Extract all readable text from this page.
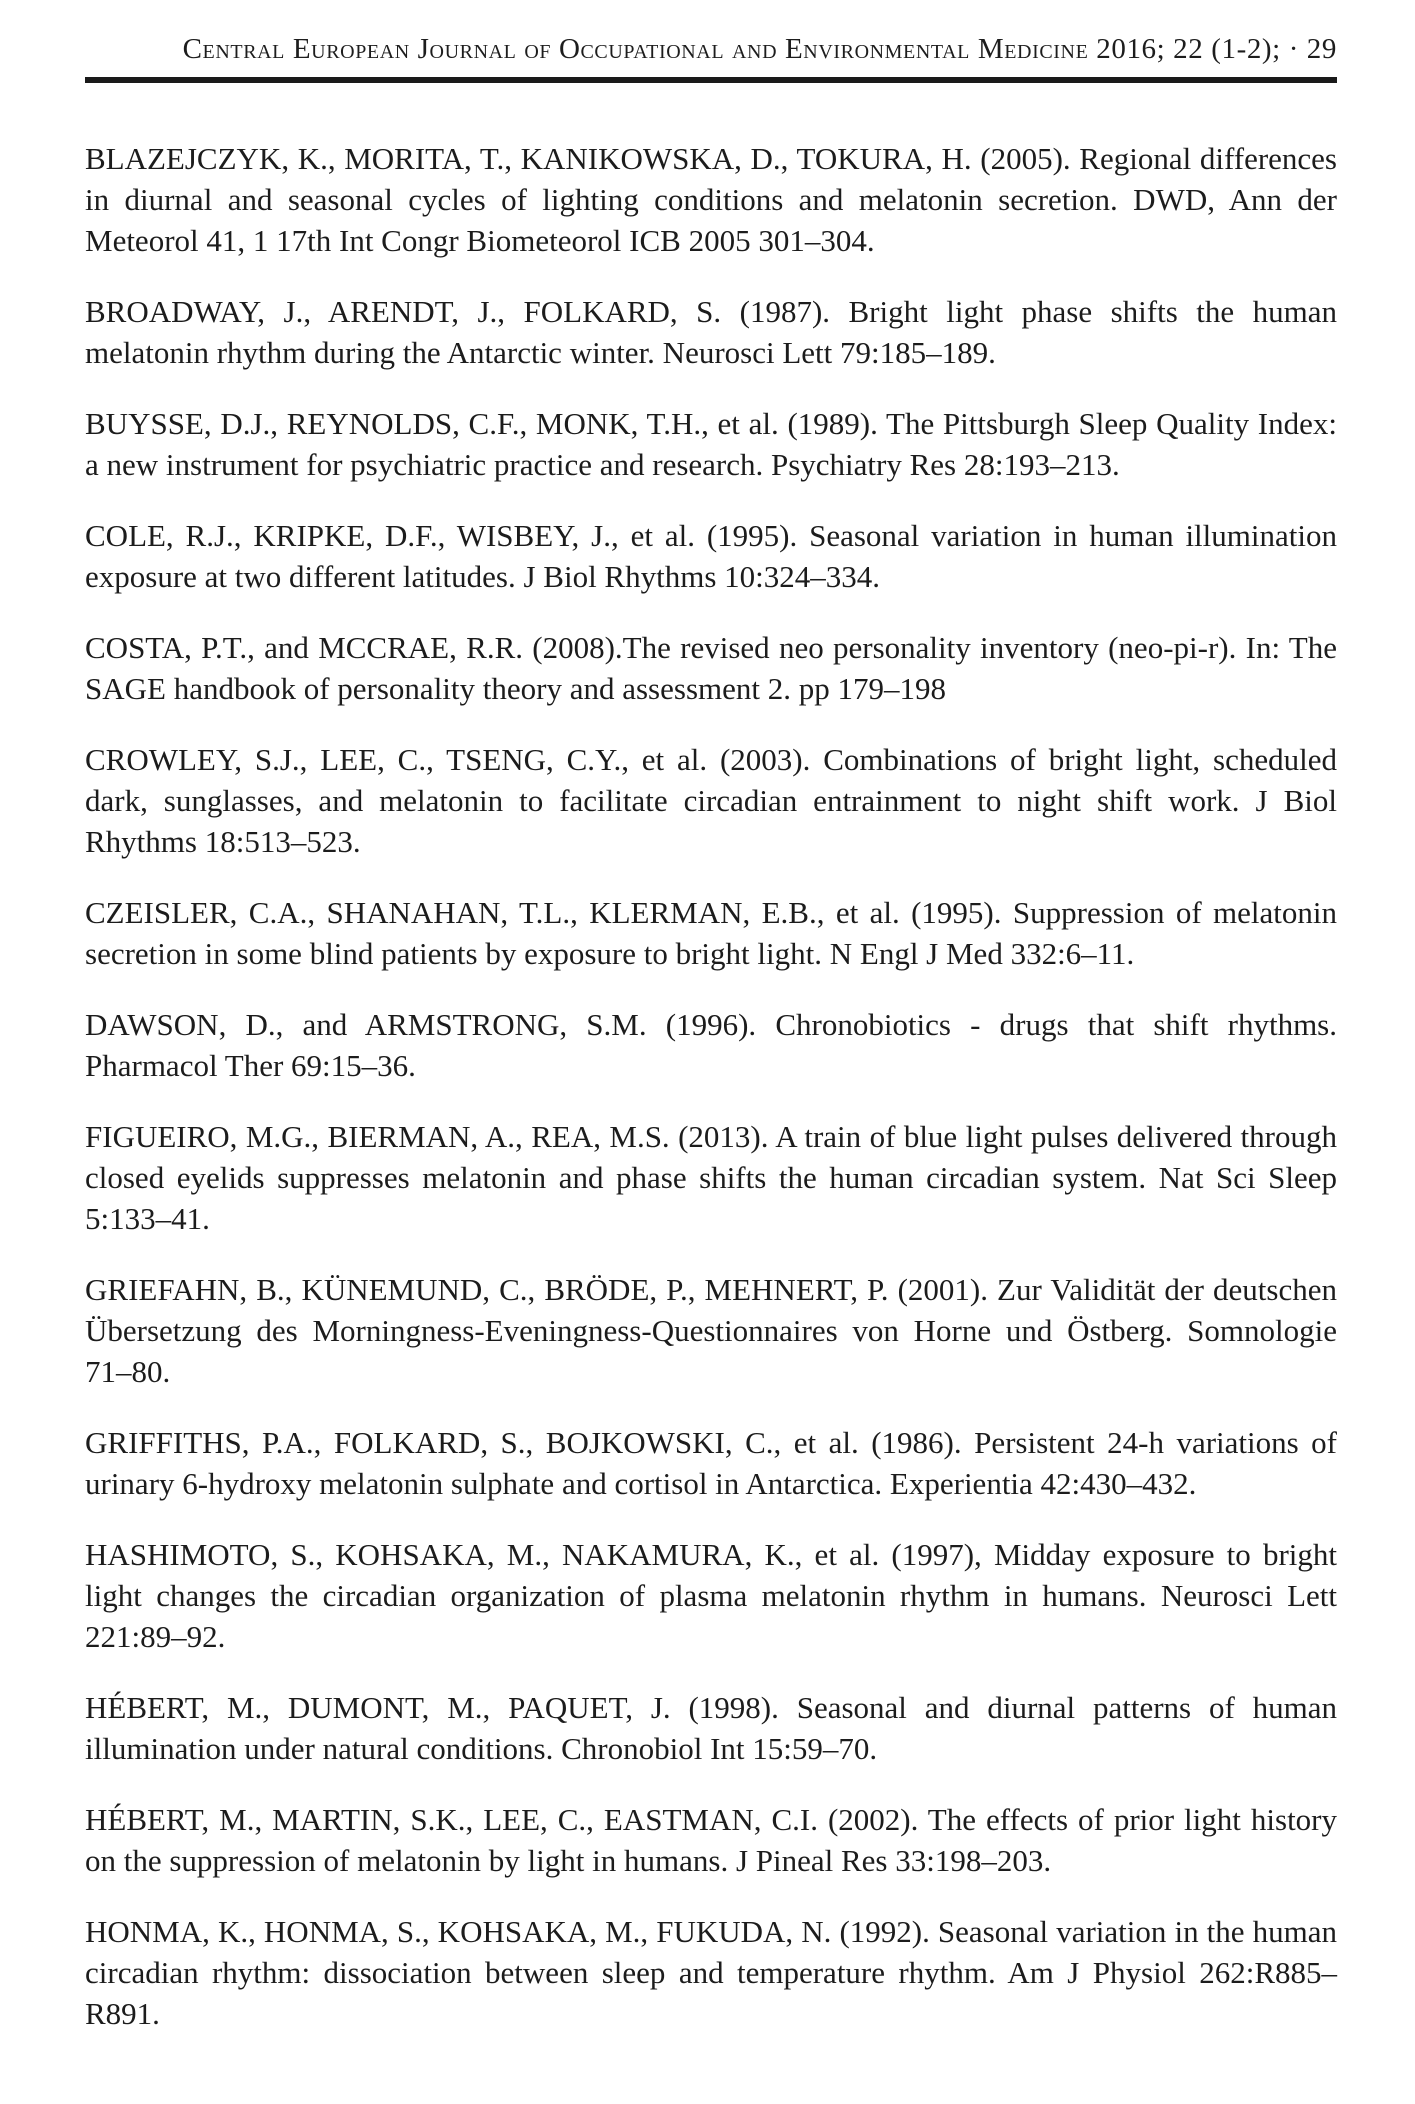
Central European Journal of Occupational and Environmental Medicine 2016; 22 (1-2); · 29

BLAZEJCZYK, K., MORITA, T., KANIKOWSKA, D., TOKURA, H. (2005). Regional differences in diurnal and seasonal cycles of lighting conditions and melatonin secretion. DWD, Ann der Meteorol 41, 1 17th Int Congr Biometeorol ICB 2005 301–304.

BROADWAY, J., ARENDT, J., FOLKARD, S. (1987). Bright light phase shifts the human melatonin rhythm during the Antarctic winter. Neurosci Lett 79:185–189.

BUYSSE, D.J., REYNOLDS, C.F., MONK, T.H., et al. (1989). The Pittsburgh Sleep Quality Index: a new instrument for psychiatric practice and research. Psychiatry Res 28:193–213.

COLE, R.J., KRIPKE, D.F., WISBEY, J., et al. (1995). Seasonal variation in human illumination exposure at two different latitudes. J Biol Rhythms 10:324–334.

COSTA, P.T., and MCCRAE, R.R. (2008).The revised neo personality inventory (neo-pi-r). In: The SAGE handbook of personality theory and assessment 2. pp 179–198

CROWLEY, S.J., LEE, C., TSENG, C.Y., et al. (2003). Combinations of bright light, scheduled dark, sunglasses, and melatonin to facilitate circadian entrainment to night shift work. J Biol Rhythms 18:513–523.

CZEISLER, C.A., SHANAHAN, T.L., KLERMAN, E.B., et al. (1995). Suppression of melatonin secretion in some blind patients by exposure to bright light. N Engl J Med 332:6–11.

DAWSON, D., and ARMSTRONG, S.M. (1996). Chronobiotics - drugs that shift rhythms. Pharmacol Ther 69:15–36.

FIGUEIRO, M.G., BIERMAN, A., REA, M.S. (2013). A train of blue light pulses delivered through closed eyelids suppresses melatonin and phase shifts the human circadian system. Nat Sci Sleep 5:133–41.

GRIEFAHN, B., KÜNEMUND, C., BRÖDE, P., MEHNERT, P. (2001). Zur Validität der deutschen Übersetzung des Morningness-Eveningness-Questionnaires von Horne und Östberg. Somnologie 71–80.

GRIFFITHS, P.A., FOLKARD, S., BOJKOWSKI, C., et al. (1986). Persistent 24-h variations of urinary 6-hydroxy melatonin sulphate and cortisol in Antarctica. Experientia 42:430–432.

HASHIMOTO, S., KOHSAKA, M., NAKAMURA, K., et al. (1997), Midday exposure to bright light changes the circadian organization of plasma melatonin rhythm in humans. Neurosci Lett 221:89–92.

HÉBERT, M., DUMONT, M., PAQUET, J. (1998). Seasonal and diurnal patterns of human illumination under natural conditions. Chronobiol Int 15:59–70.

HÉBERT, M., MARTIN, S.K., LEE, C., EASTMAN, C.I. (2002). The effects of prior light history on the suppression of melatonin by light in humans. J Pineal Res 33:198–203.

HONMA, K., HONMA, S., KOHSAKA, M., FUKUDA, N. (1992). Seasonal variation in the human circadian rhythm: dissociation between sleep and temperature rhythm. Am J Physiol 262:R885–R891.
